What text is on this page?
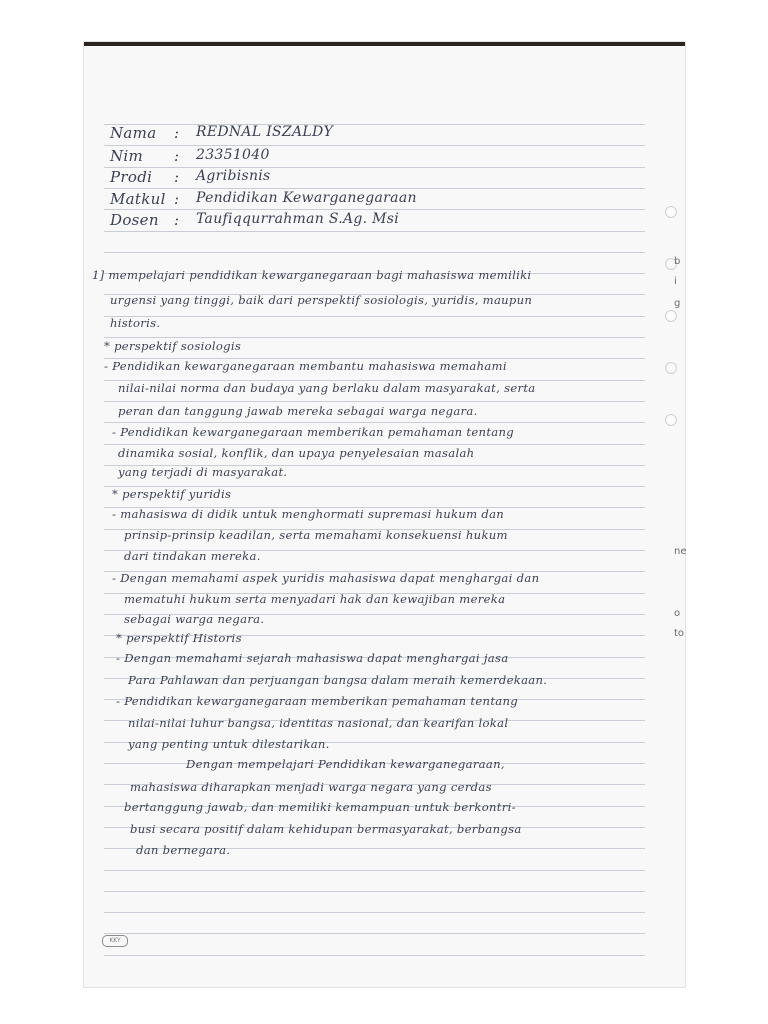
Nama : REDNAL ISZALDY
Nim : 23351040
Prodi : Agribisnis
Matkul : Pendidikan Kewarganegaraan
Dosen : Taufiqqurrahman S.Ag. Msi
1] mempelajari pendidikan kewarganegaraan bagi mahasiswa memiliki
urgensi yang tinggi, baik dari perspektif sosiologis, yuridis, maupun
historis.
* perspektif sosiologis
- Pendidikan kewarganegaraan membantu mahasiswa memahami
nilai-nilai norma dan budaya yang berlaku dalam masyarakat, serta
peran dan tanggung jawab mereka sebagai warga negara.
- Pendidikan kewarganegaraan memberikan pemahaman tentang
dinamika sosial, konflik, dan upaya penyelesaian masalah
yang terjadi di masyarakat.
* perspektif yuridis
- mahasiswa di didik untuk menghormati supremasi hukum dan
prinsip-prinsip keadilan, serta memahami konsekuensi hukum
dari tindakan mereka.
- Dengan memahami aspek yuridis mahasiswa dapat menghargai dan
mematuhi hukum serta menyadari hak dan kewajiban mereka
sebagai warga negara.
* perspektif Historis
- Dengan memahami sejarah mahasiswa dapat menghargai jasa
Para Pahlawan dan perjuangan bangsa dalam meraih kemerdekaan.
- Pendidikan kewarganegaraan memberikan pemahaman tentang
nilai-nilai luhur bangsa, identitas nasional, dan kearifan lokal
yang penting untuk dilestarikan.
Dengan mempelajari Pendidikan kewarganegaraan,
mahasiswa diharapkan menjadi warga negara yang cerdas
bertanggung jawab, dan memiliki kemampuan untuk berkontri-
busi secara positif dalam kehidupan bermasyarakat, berbangsa
dan bernegara.
b
i
g
ne
o
to
KKY
